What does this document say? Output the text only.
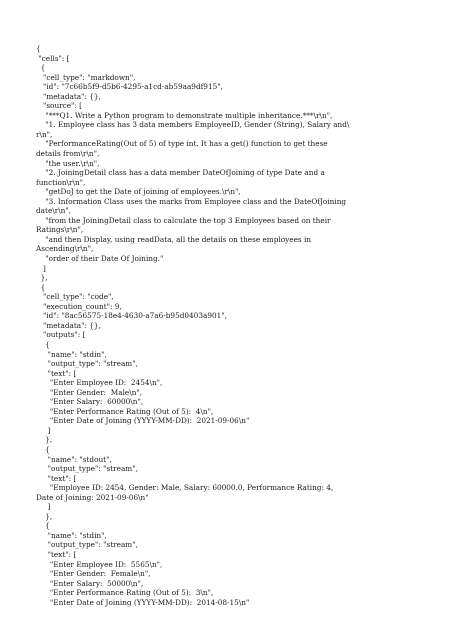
{
"cells": [
{
"cell_type": "markdown",
"id": "7c66b5f9-d5b6-4295-a1cd-ab59aa9df915",
"metadata": {},
"source": [
"***Q1. Write a Python program to demonstrate multiple inheritance.***\r\n",
"1. Employee class has 3 data members EmployeeID, Gender (String), Salary and\
r\n",
"PerformanceRating(Out of 5) of type int. It has a get() function to get these
details from\r\n",
"the user.\r\n",
"2. JoiningDetail class has a data member DateOfJoining of type Date and a
function\r\n",
"getDoJ to get the Date of joining of employees.\r\n",
"3. Information Class uses the marks from Employee class and the DateOfJoining
date\r\n",
"from the JoiningDetail class to calculate the top 3 Employees based on their
Ratings\r\n",
"and then Display, using readData, all the details on these employees in
Ascending\r\n",
"order of their Date Of Joining."
]
},
{
"cell_type": "code",
"execution_count": 9,
"id": "8ac56575-18e4-4630-a7a6-b95d0403a901",
"metadata": {},
"outputs": [
{
"name": "stdin",
"output_type": "stream",
"text": [
"Enter Employee ID:  2454\n",
"Enter Gender:  Male\n",
"Enter Salary:  60000\n",
"Enter Performance Rating (Out of 5):  4\n",
"Enter Date of Joining (YYYY-MM-DD):  2021-09-06\n"
]
},
{
"name": "stdout",
"output_type": "stream",
"text": [
"Employee ID: 2454, Gender: Male, Salary: 60000.0, Performance Rating: 4,
Date of Joining: 2021-09-06\n"
]
},
{
"name": "stdin",
"output_type": "stream",
"text": [
"Enter Employee ID:  5565\n",
"Enter Gender:  Female\n",
"Enter Salary:  50000\n",
"Enter Performance Rating (Out of 5):  3\n",
"Enter Date of Joining (YYYY-MM-DD):  2014-08-15\n"
